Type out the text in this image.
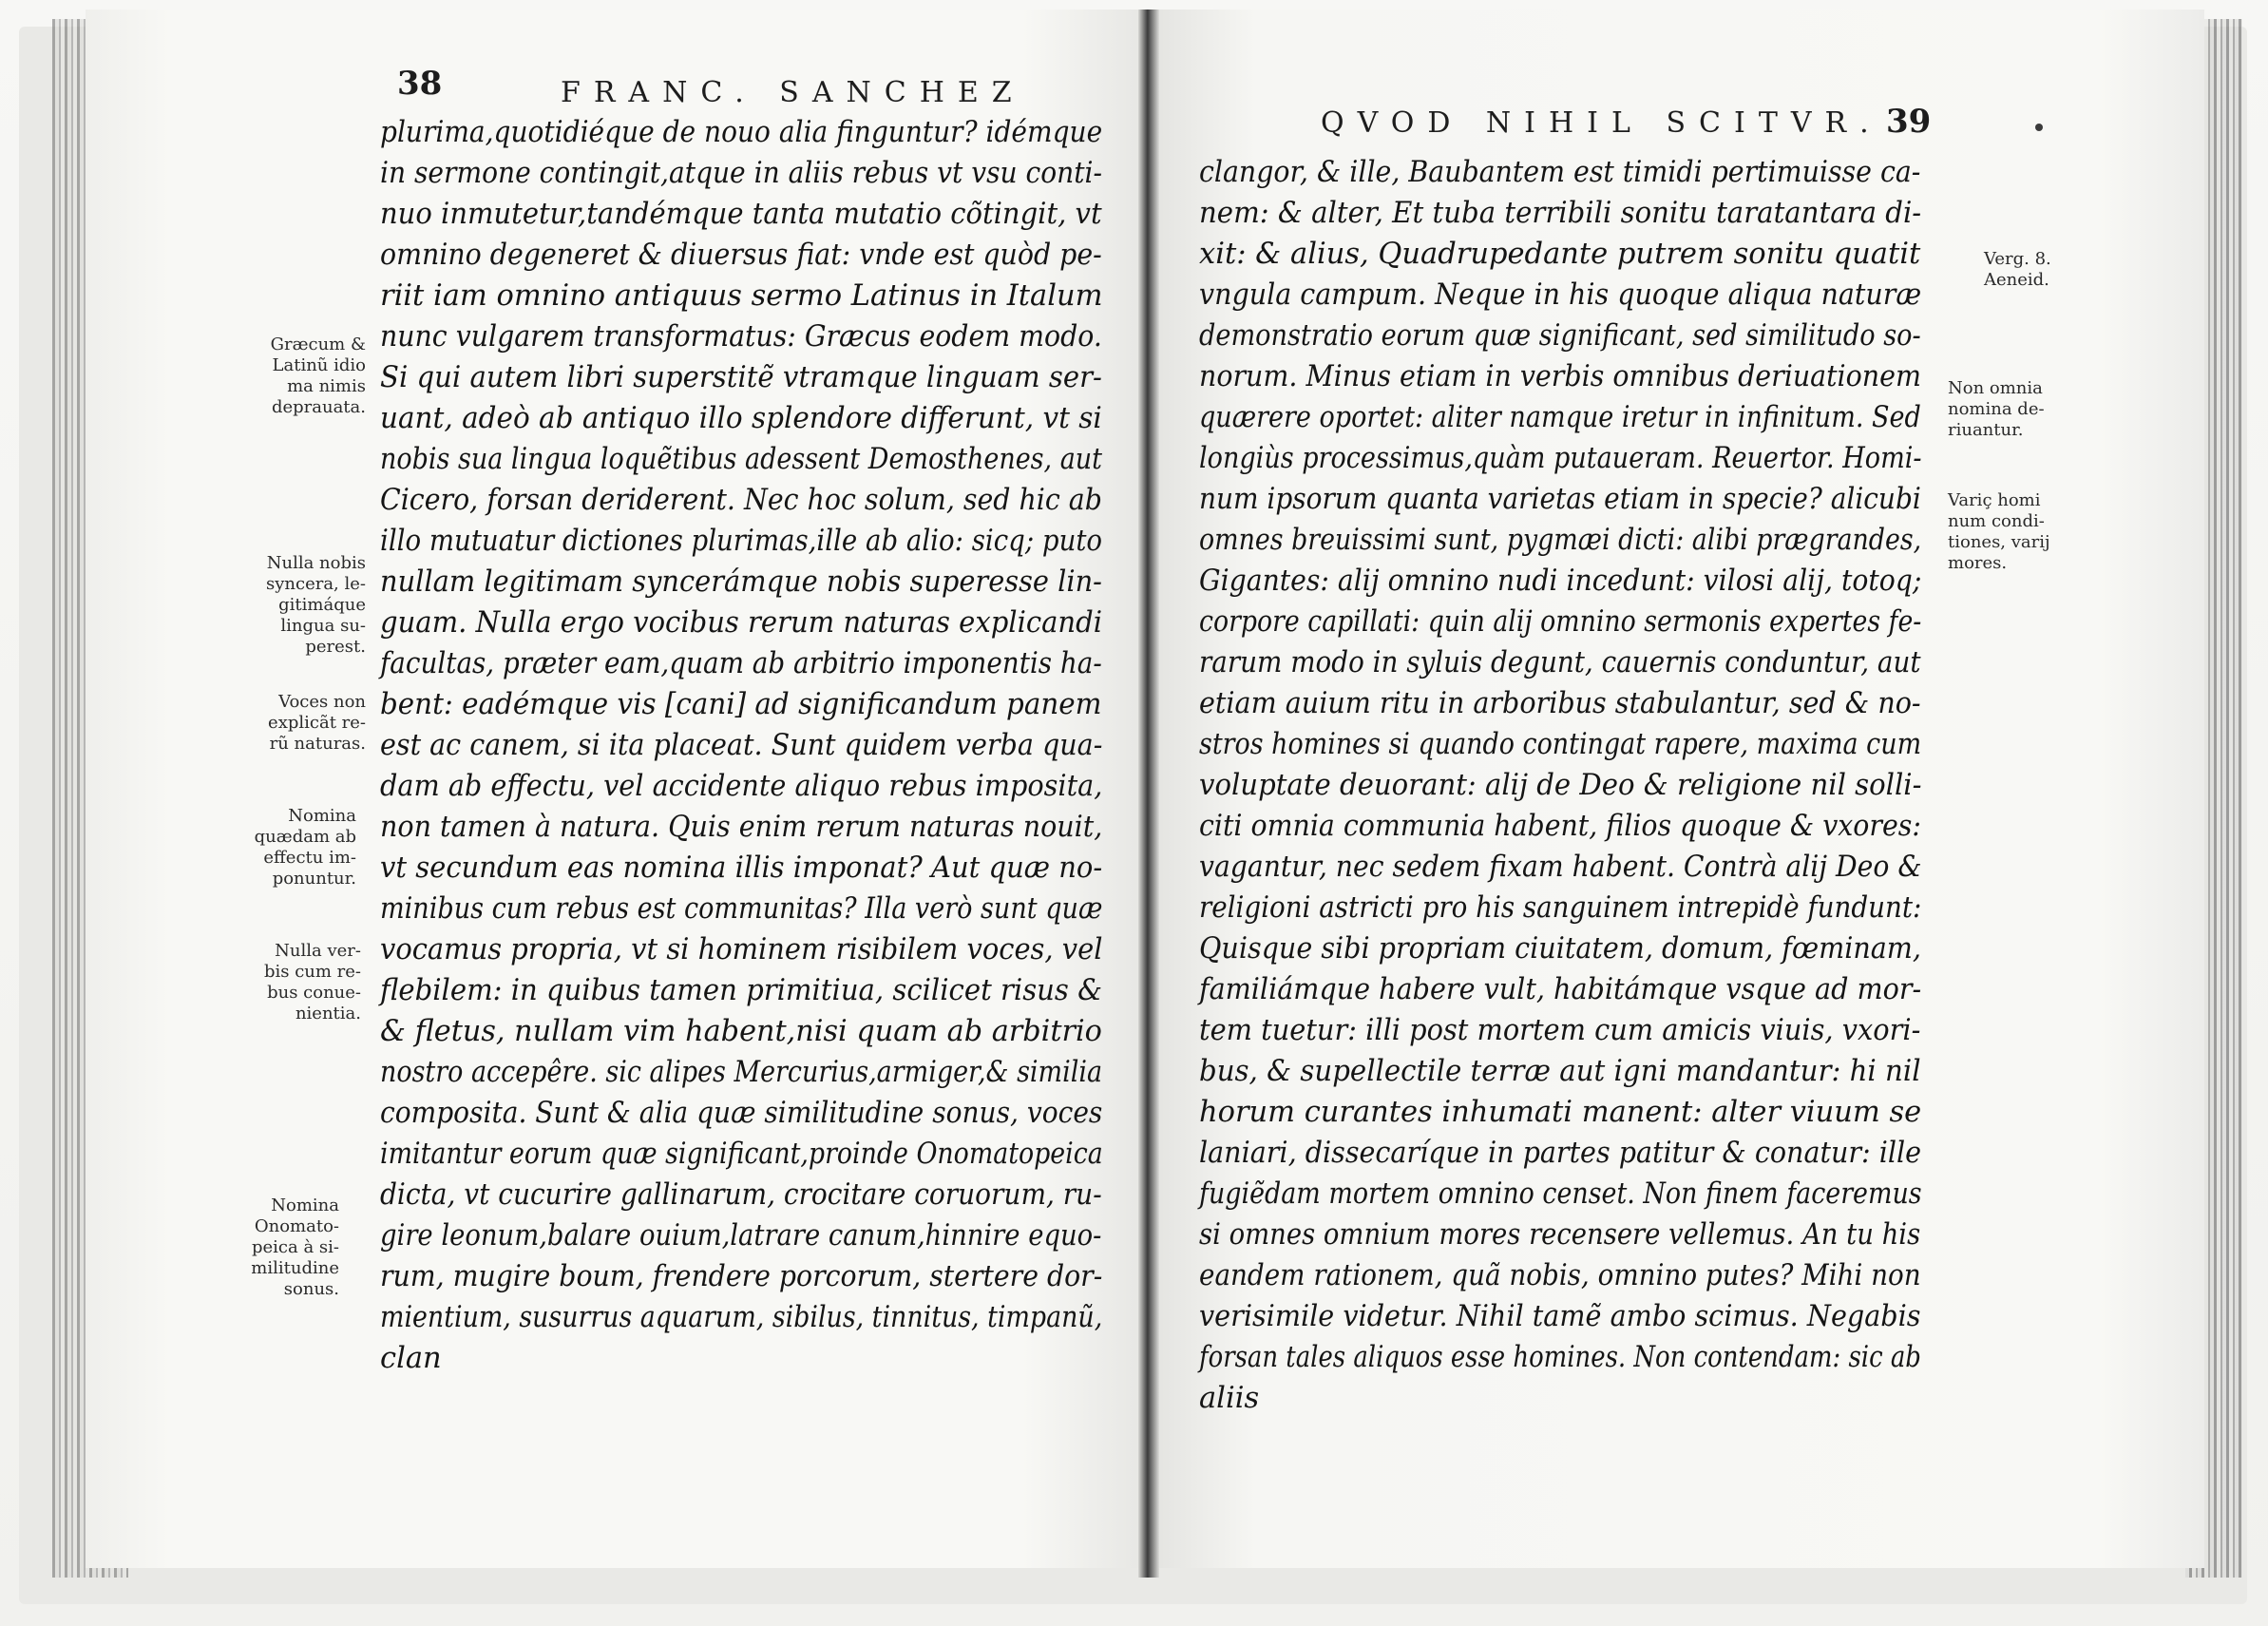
38	FRANC. SANCHEZ
QVOD NIHIL SCITVR. 39
plurima,quotidiéque de nouo alia finguntur? idémque
in sermone contingit,atque in aliis rebus vt vsu conti-
nuo inmutetur,tandémque tanta mutatio cõtingit, vt
omnino degeneret & diuersus fiat: vnde est quòd pe-
riit iam omnino antiquus sermo Latinus in Italum
nunc vulgarem transformatus: Græcus eodem modo.
Si qui autem libri superstitẽ vtramque linguam ser-
uant, adeò ab antiquo illo splendore differunt, vt si
nobis sua lingua loquẽtibus adessent Demosthenes, aut
Cicero, forsan deriderent. Nec hoc solum, sed hic ab
illo mutuatur dictiones plurimas,ille ab alio: sicq; puto
nullam legitimam syncerámque nobis superesse lin-
guam. Nulla ergo vocibus rerum naturas explicandi
facultas, præter eam,quam ab arbitrio imponentis ha-
bent: eadémque vis [cani] ad significandum panem
est ac canem, si ita placeat. Sunt quidem verba qua-
dam ab effectu, vel accidente aliquo rebus imposita,
non tamen à natura. Quis enim rerum naturas nouit,
vt secundum eas nomina illis imponat? Aut quæ no-
minibus cum rebus est communitas? Illa verò sunt quæ
vocamus propria, vt si hominem risibilem voces, vel
flebilem: in quibus tamen primitiua, scilicet risus &
& fletus, nullam vim habent,nisi quam ab arbitrio
nostro accepêre. sic alipes Mercurius,armiger,& similia
composita. Sunt & alia quæ similitudine sonus, voces
imitantur eorum quæ significant,proinde Onomatopeica
dicta, vt cucurire gallinarum, crocitare coruorum, ru-
gire leonum,balare ouium,latrare canum,hinnire equo-
rum, mugire boum, frendere porcorum, stertere dor-
mientium, susurrus aquarum, sibilus, tinnitus, timpanũ,
clan
clangor, & ille, Baubantem est timidi pertimuisse ca-
nem: & alter, Et tuba terribili sonitu taratantara di-
xit: & alius, Quadrupedante putrem sonitu quatit
vngula campum. Neque in his quoque aliqua naturæ
demonstratio eorum quæ significant, sed similitudo so-
norum. Minus etiam in verbis omnibus deriuationem
quærere oportet: aliter namque iretur in infinitum. Sed
longiùs processimus,quàm putaueram. Reuertor. Homi-
num ipsorum quanta varietas etiam in specie? alicubi
omnes breuissimi sunt, pygmæi dicti: alibi prægrandes,
Gigantes: alij omnino nudi incedunt: vilosi alij, totoq;
corpore capillati: quin alij omnino sermonis expertes fe-
rarum modo in syluis degunt, cauernis conduntur, aut
etiam auium ritu in arboribus stabulantur, sed & no-
stros homines si quando contingat rapere, maxima cum
voluptate deuorant: alij de Deo & religione nil solli-
citi omnia communia habent, filios quoque & vxores:
vagantur, nec sedem fixam habent. Contrà alij Deo &
religioni astricti pro his sanguinem intrepidè fundunt:
Quisque sibi propriam ciuitatem, domum, fœminam,
familiámque habere vult, habitámque vsque ad mor-
tem tuetur: illi post mortem cum amicis viuis, vxori-
bus, & supellectile terræ aut igni mandantur: hi nil
horum curantes inhumati manent: alter viuum se
laniari, dissecaríque in partes patitur & conatur: ille
fugiẽdam mortem omnino censet. Non finem faceremus
si omnes omnium mores recensere vellemus. An tu his
eandem rationem, quã nobis, omnino putes? Mihi non
verisimile videtur. Nihil tamẽ ambo scimus. Negabis
forsan tales aliquos esse homines. Non contendam: sic ab
aliis
Græcum &
Latinũ idio
ma nimis
deprauata.
Nulla nobis
syncera, le-
gitimáque
lingua su-
perest.
Voces non
explicãt re-
rũ naturas.
Nomina
quædam ab
effectu im-
ponuntur.
Nulla ver-
bis cum re-
bus conue-
nientia.
Nomina
Onomato-
peica à si-
militudine
sonus.
Verg. 8.
Aeneid.
Non omnia
nomina de-
riuantur.
Variç homi
num condi-
tiones, varij
mores.
